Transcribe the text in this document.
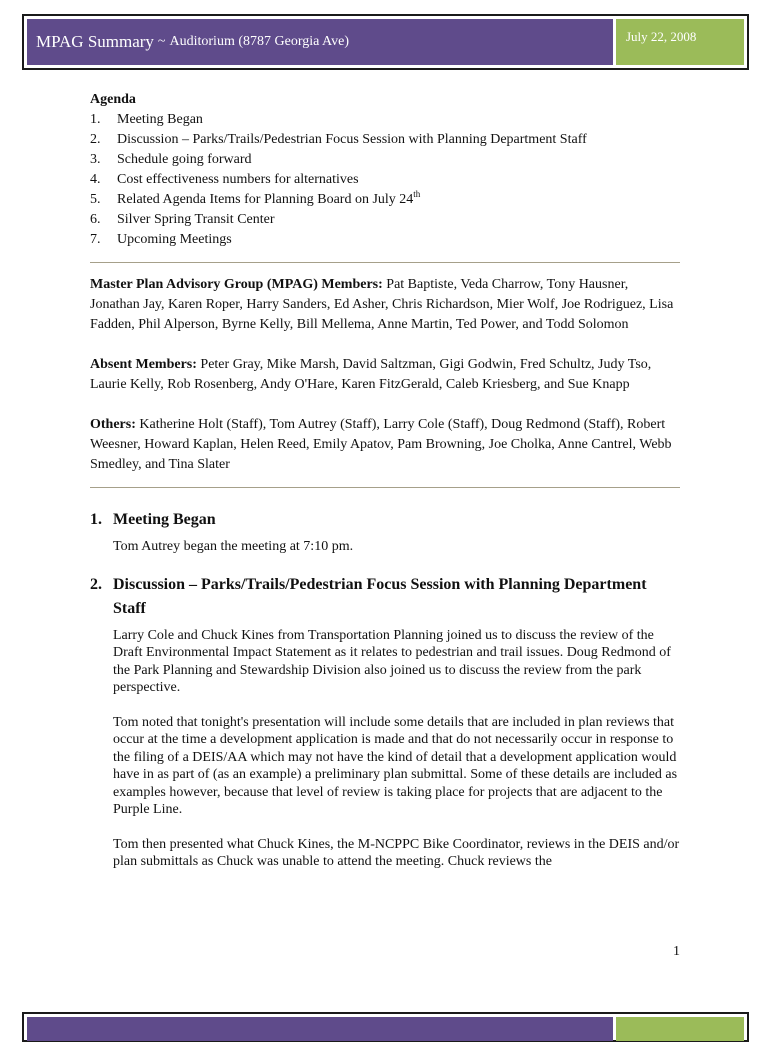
MPAG Summary ~ Auditorium (8787 Georgia Ave)	July 22, 2008
Agenda
1.	Meeting Began
2.	Discussion – Parks/Trails/Pedestrian Focus Session with Planning Department Staff
3.	Schedule going forward
4.	Cost effectiveness numbers for alternatives
5.	Related Agenda Items for Planning Board on July 24th
6.	Silver Spring Transit Center
7.	Upcoming Meetings

Master Plan Advisory Group (MPAG) Members: Pat Baptiste, Veda Charrow, Tony Hausner, Jonathan Jay, Karen Roper, Harry Sanders, Ed Asher, Chris Richardson, Mier Wolf, Joe Rodriguez, Lisa Fadden, Phil Alperson, Byrne Kelly, Bill Mellema, Anne Martin, Ted Power, and Todd Solomon

Absent Members: Peter Gray, Mike Marsh, David Saltzman, Gigi Godwin, Fred Schultz, Judy Tso, Laurie Kelly, Rob Rosenberg, Andy O'Hare, Karen FitzGerald, Caleb Kriesberg, and Sue Knapp

Others: Katherine Holt (Staff), Tom Autrey (Staff), Larry Cole (Staff), Doug Redmond (Staff), Robert Weesner, Howard Kaplan, Helen Reed, Emily Apatov, Pam Browning, Joe Cholka, Anne Cantrel, Webb Smedley, and Tina Slater

1. Meeting Began

Tom Autrey began the meeting at 7:10 pm.

2. Discussion – Parks/Trails/Pedestrian Focus Session with Planning Department Staff

Larry Cole and Chuck Kines from Transportation Planning joined us to discuss the review of the Draft Environmental Impact Statement as it relates to pedestrian and trail issues. Doug Redmond of the Park Planning and Stewardship Division also joined us to discuss the review from the park perspective.

Tom noted that tonight's presentation will include some details that are included in plan reviews that occur at the time a development application is made and that do not necessarily occur in response to the filing of a DEIS/AA which may not have the kind of detail that a development application would have in as part of (as an example) a preliminary plan submittal. Some of these details are included as examples however, because that level of review is taking place for projects that are adjacent to the Purple Line.

Tom then presented what Chuck Kines, the M-NCPPC Bike Coordinator, reviews in the DEIS and/or plan submittals as Chuck was unable to attend the meeting. Chuck reviews the

1
